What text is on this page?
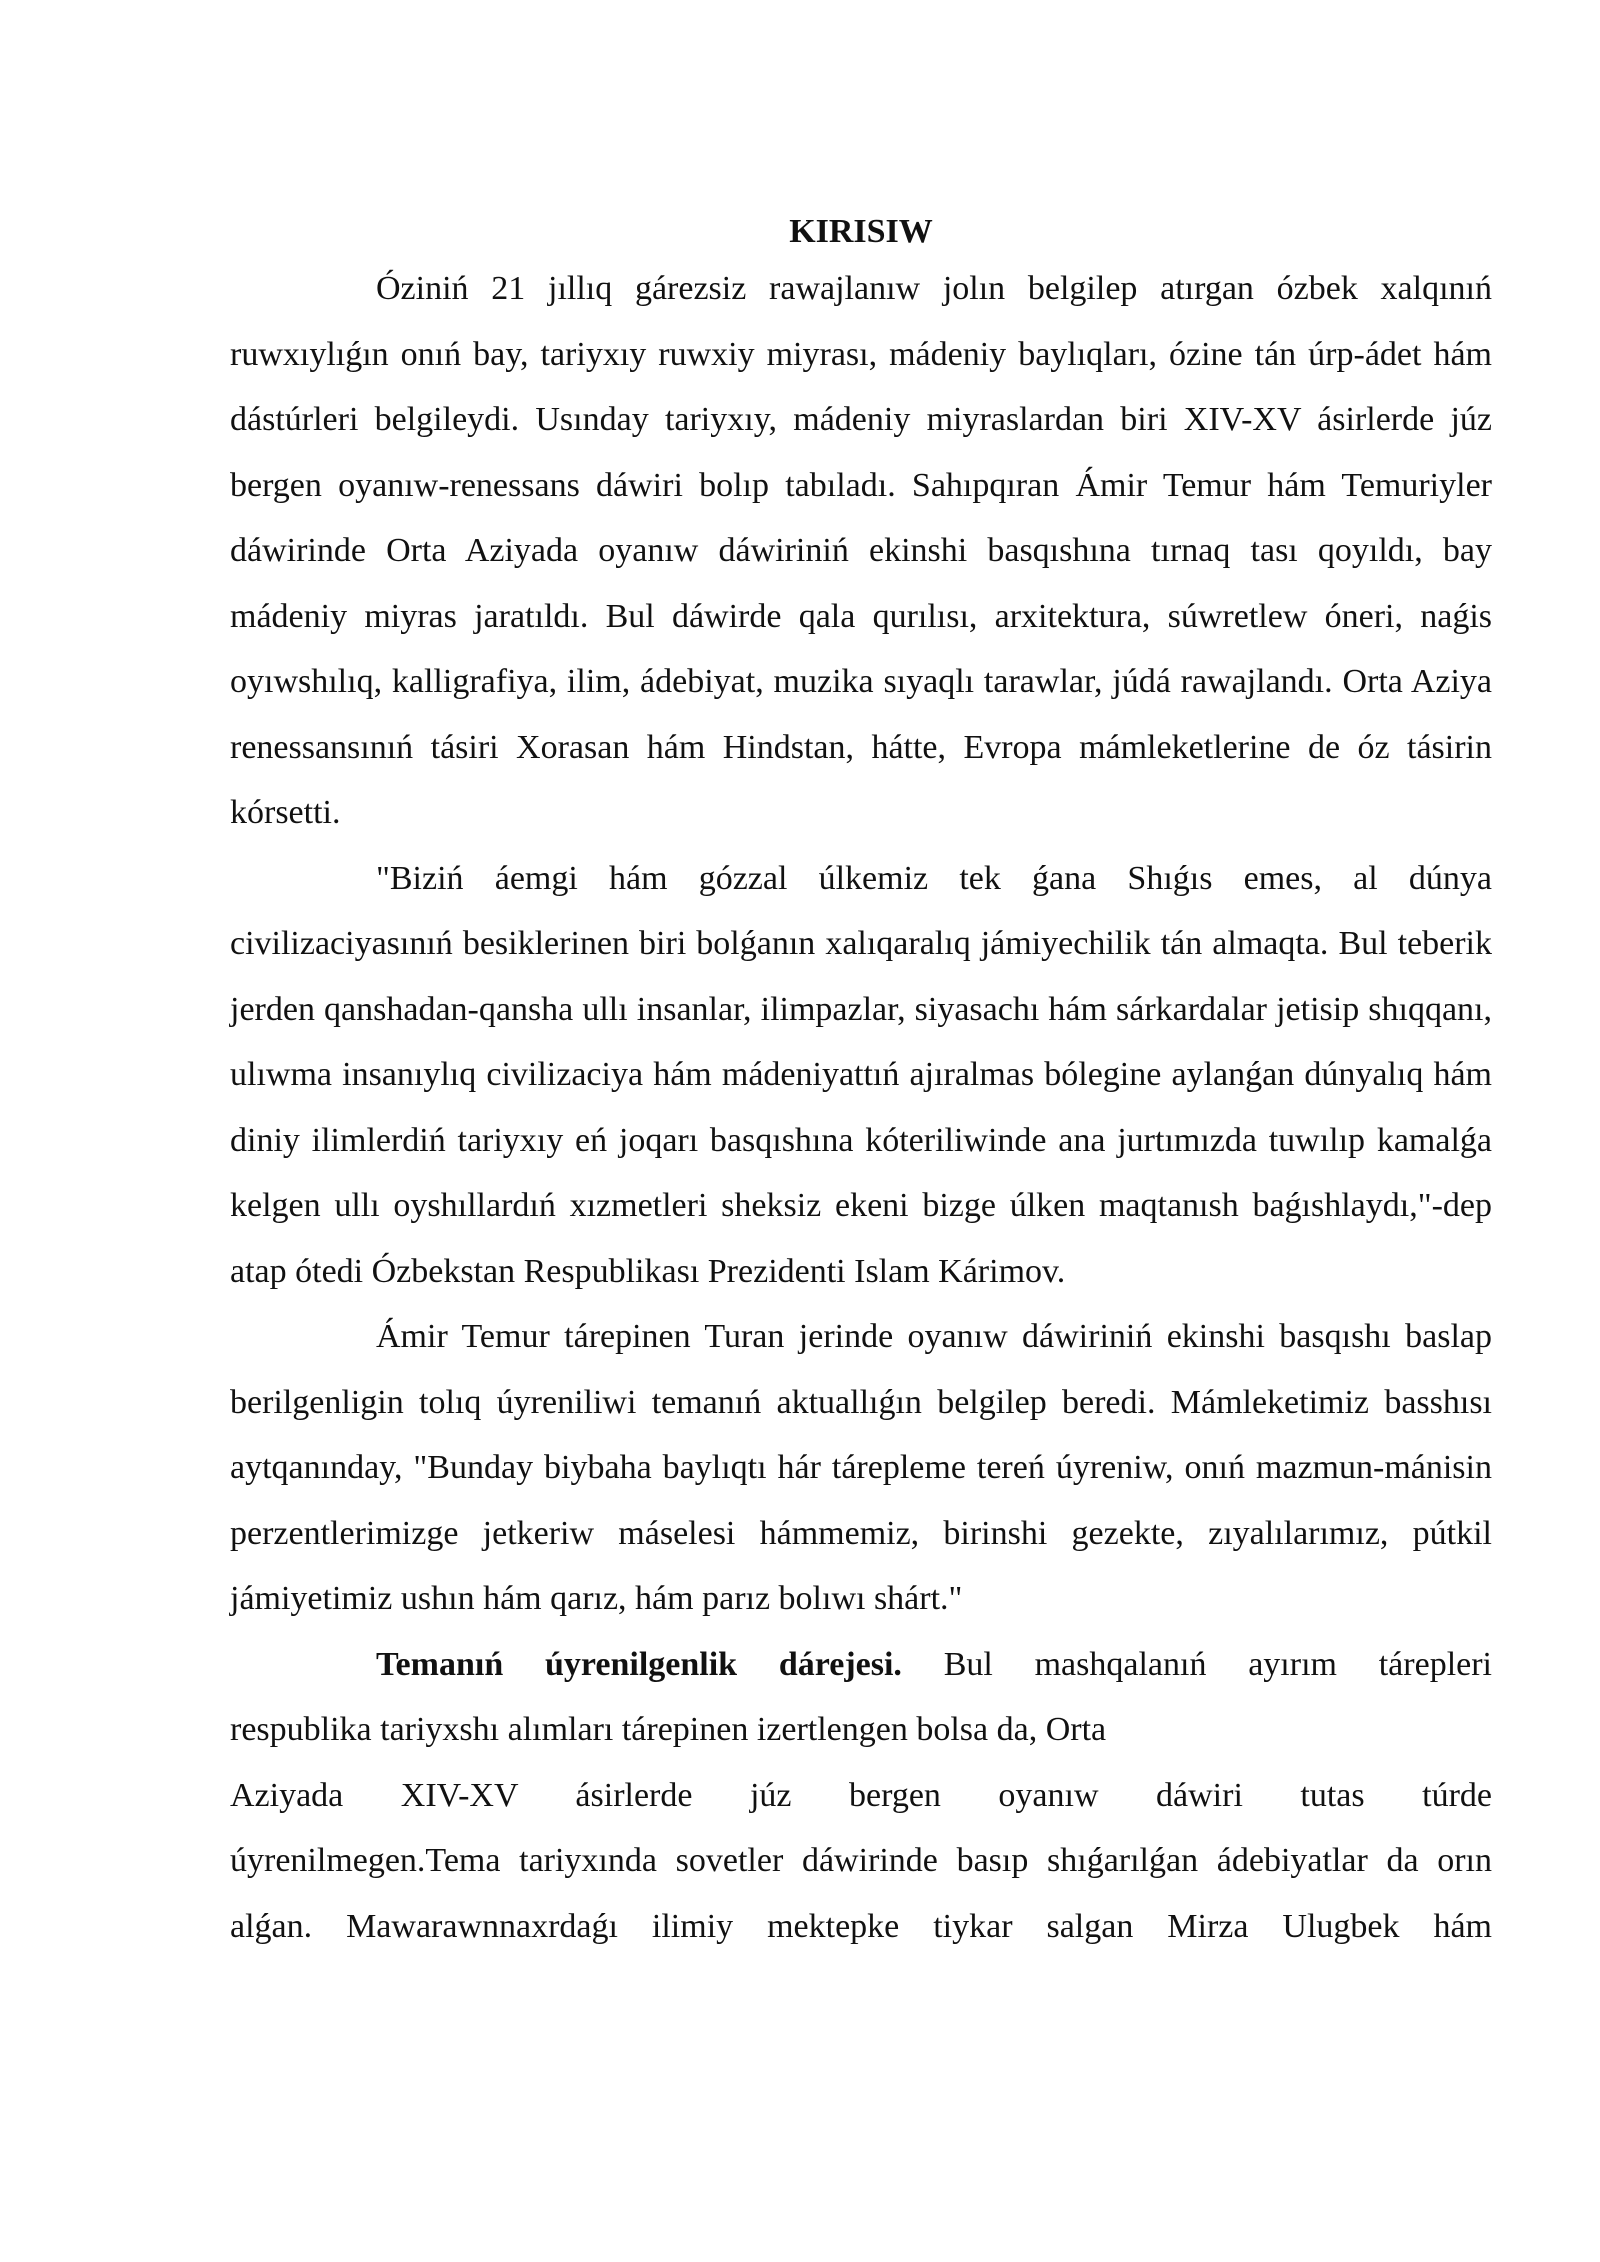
KIRISIW

Óziniń 21 jıllıq gárezsiz rawajlanıw jolın belgilep atırgan ózbek xalqınıń ruwxıylıǵın onıń bay, tariyxıy ruwxiy miyrası, mádeniy baylıqları, ózine tán úrp-ádet hám dástúrleri belgileydi. Usınday tariyxıy, mádeniy miyraslardan biri XIV-XV ásirlerde júz bergen oyanıw-renessans dáwiri bolıp tabıladı. Sahıpqıran Ámir Temur hám Temuriyler dáwirinde Orta Aziyada oyanıw dáwiriniń ekinshi basqıshına tırnaq tası qoyıldı, bay mádeniy miyras jaratıldı. Bul dáwirde qala qurılısı, arxitektura, súwretlew óneri, naǵis oyıwshılıq, kalligrafiya, ilim, ádebiyat, muzika sıyaqlı tarawlar, júdá rawajlandı. Orta Aziya renessansınıń tásiri Xorasan hám Hindstan, hátte, Evropa mámleketlerine de óz tásirin kórsetti.

"Biziń áemgi hám gózzal úlkemiz tek ǵana Shıǵıs emes, al dúnya civilizaciyasınıń besiklerinen biri bolǵanın xalıqaralıq jámiyechilik tán almaqta. Bul teberik jerden qanshadan-qansha ullı insanlar, ilimpazlar, siyasachı hám sárkardalar jetisip shıqqanı, ulıwma insanıylıq civilizaciya hám mádeniyattıń ajıralmas bólegine aylanǵan dúnyalıq hám diniy ilimlerdiń tariyxıy eń joqarı basqıshına kóteriliwinde ana jurtımızda tuwılıp kamalǵa kelgen ullı oyshıllardıń xızmetleri sheksiz ekeni bizge úlken maqtanısh baǵıshlaydı,"-dep atap ótedi Ózbekstan Respublikası Prezidenti Islam Kárimov.

Ámir Temur tárepinen Turan jerinde oyanıw dáwiriniń ekinshi basqıshı baslap berilgenligin tolıq úyreniliwi temanıń aktuallıǵın belgilep beredi. Mámleketimiz basshısı aytqanınday, "Bunday biybaha baylıqtı hár tárepleme tereń úyreniw, onıń mazmun-mánisin perzentlerimizge jetkeriw máselesi hámmemiz, birinshi gezekte, zıyalılarımız, pútkil jámiyetimiz ushın hám qarız, hám parız bolıwı shárt."

Temanıń úyrenilgenlik dárejesi. Bul mashqalanıń ayırım tárepleri
respublika tariyxshı alımları tárepinen izertlengen bolsa da, Orta
Aziyada XIV-XV ásirlerde júz bergen oyanıw dáwiri tutas túrde
úyrenilmegen.Tema tariyxında sovetler dáwirinde basıp shıǵarılǵan ádebiyatlar da orın alǵan. Mawarawnnaxrdaǵı ilimiy mektepke tiykar salgan Mirza Ulugbek hám
